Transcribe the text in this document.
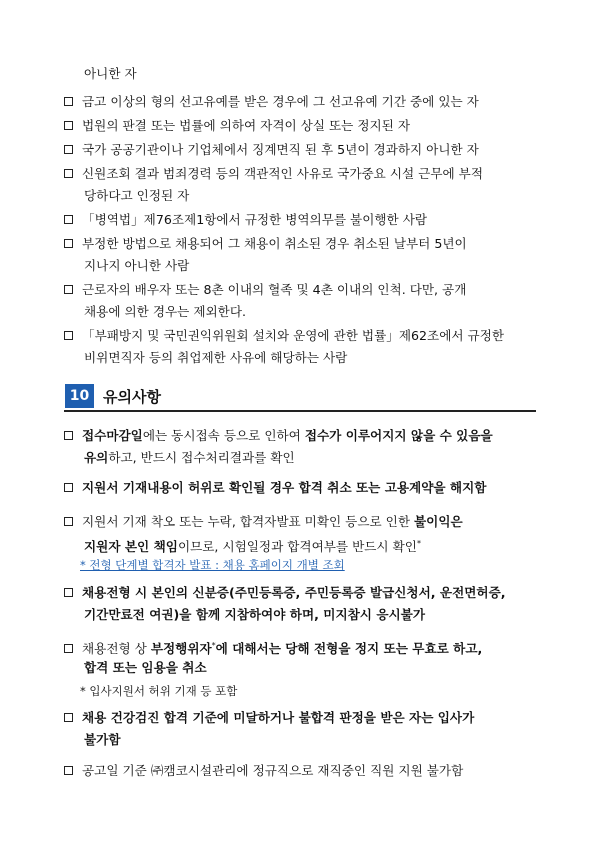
아니한 자
금고 이상의 형의 선고유예를 받은 경우에 그 선고유예 기간 중에 있는 자
법원의 판결 또는 법률에 의하여 자격이 상실 또는 정지된 자
국가 공공기관이나 기업체에서 징계면직 된 후 5년이 경과하지 아니한 자
신원조회 결과 범죄경력 등의 객관적인 사유로 국가중요 시설 근무에 부적
당하다고 인정된 자
「병역법」제76조제1항에서 규정한 병역의무를 불이행한 사람
부정한 방법으로 채용되어 그 채용이 취소된 경우 취소된 날부터 5년이
지나지 아니한 사람
근로자의 배우자 또는 8촌 이내의 혈족 및 4촌 이내의 인척. 다만, 공개
채용에 의한 경우는 제외한다.
「부패방지 및 국민권익위원회 설치와 운영에 관한 법률」제62조에서 규정한
비위면직자 등의 취업제한 사유에 해당하는 사람
10 유의사항
접수마감일에는 동시접속 등으로 인하여 접수가 이루어지지 않을 수 있음을
유의하고, 반드시 접수처리결과를 확인
지원서 기재내용이 허위로 확인될 경우 합격 취소 또는 고용계약을 해지함
지원서 기재 착오 또는 누락, 합격자발표 미확인 등으로 인한 불이익은
지원자 본인 책임이므로, 시험일정과 합격여부를 반드시 확인*
* 전형 단계별 합격자 발표 : 채용 홈페이지 개별 조회
채용전형 시 본인의 신분증(주민등록증, 주민등록증 발급신청서, 운전면허증,
기간만료전 여권)을 함께 지참하여야 하며, 미지참시 응시불가
채용전형 상 부정행위자*에 대해서는 당해 전형을 정지 또는 무효로 하고,
합격 또는 임용을 취소
* 입사지원서 허위 기재 등 포함
채용 건강검진 합격 기준에 미달하거나 불합격 판정을 받은 자는 입사가
불가함
공고일 기준 ㈜캠코시설관리에 정규직으로 재직중인 직원 지원 불가함
